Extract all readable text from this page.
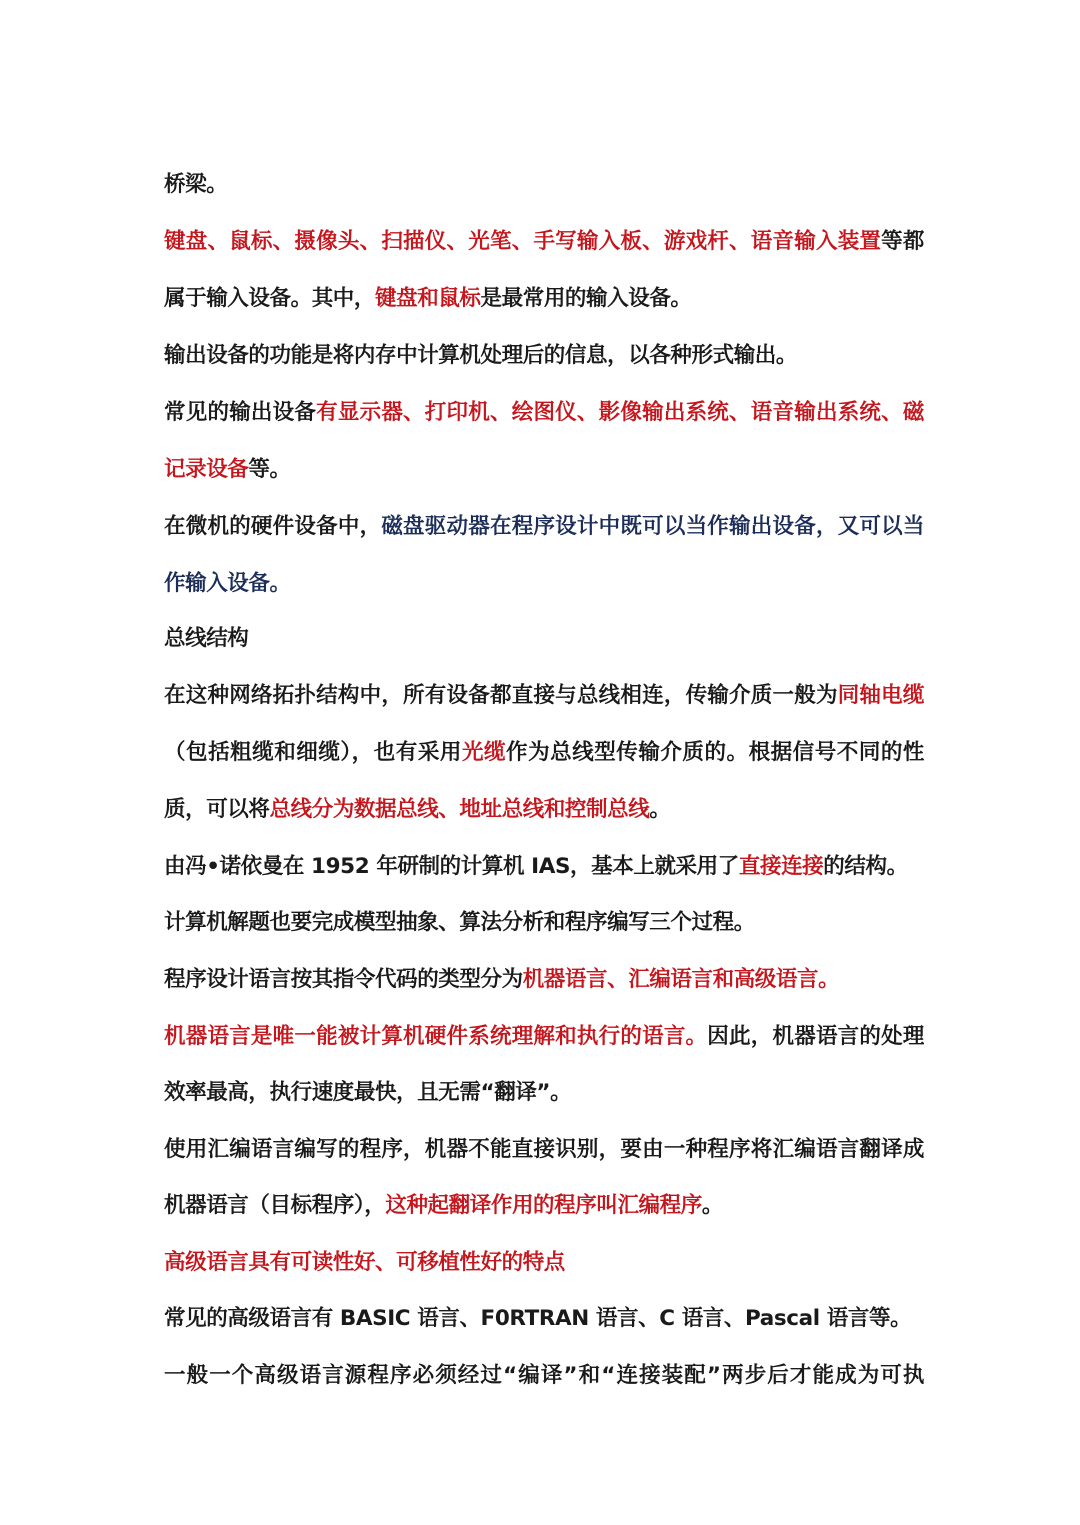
桥梁。
键盘、鼠标、摄像头、扫描仪、光笔、手写输入板、游戏杆、语音输入装置等都
属于输入设备。其中，键盘和鼠标是最常用的输入设备。
输出设备的功能是将内存中计算机处理后的信息，以各种形式输出。
常见的输出设备有显示器、打印机、绘图仪、影像输出系统、语音输出系统、磁
记录设备等。
在微机的硬件设备中，磁盘驱动器在程序设计中既可以当作输出设备，又可以当
作输入设备。
总线结构
在这种网络拓扑结构中，所有设备都直接与总线相连，传输介质一般为同轴电缆
（包括粗缆和细缆），也有采用光缆作为总线型传输介质的。根据信号不同的性
质，可以将总线分为数据总线、地址总线和控制总线。
由冯•诺依曼在 1952 年研制的计算机 IAS，基本上就采用了直接连接的结构。
计算机解题也要完成模型抽象、算法分析和程序编写三个过程。
程序设计语言按其指令代码的类型分为机器语言、汇编语言和高级语言。
机器语言是唯一能被计算机硬件系统理解和执行的语言。因此，机器语言的处理
效率最高，执行速度最快，且无需“翻译”。
使用汇编语言编写的程序，机器不能直接识别，要由一种程序将汇编语言翻译成
机器语言（目标程序），这种起翻译作用的程序叫汇编程序。
高级语言具有可读性好、可移植性好的特点
常见的高级语言有 BASIC 语言、F0RTRAN 语言、C 语言、Pascal 语言等。
一般一个高级语言源程序必须经过“编译”和“连接装配”两步后才能成为可执
